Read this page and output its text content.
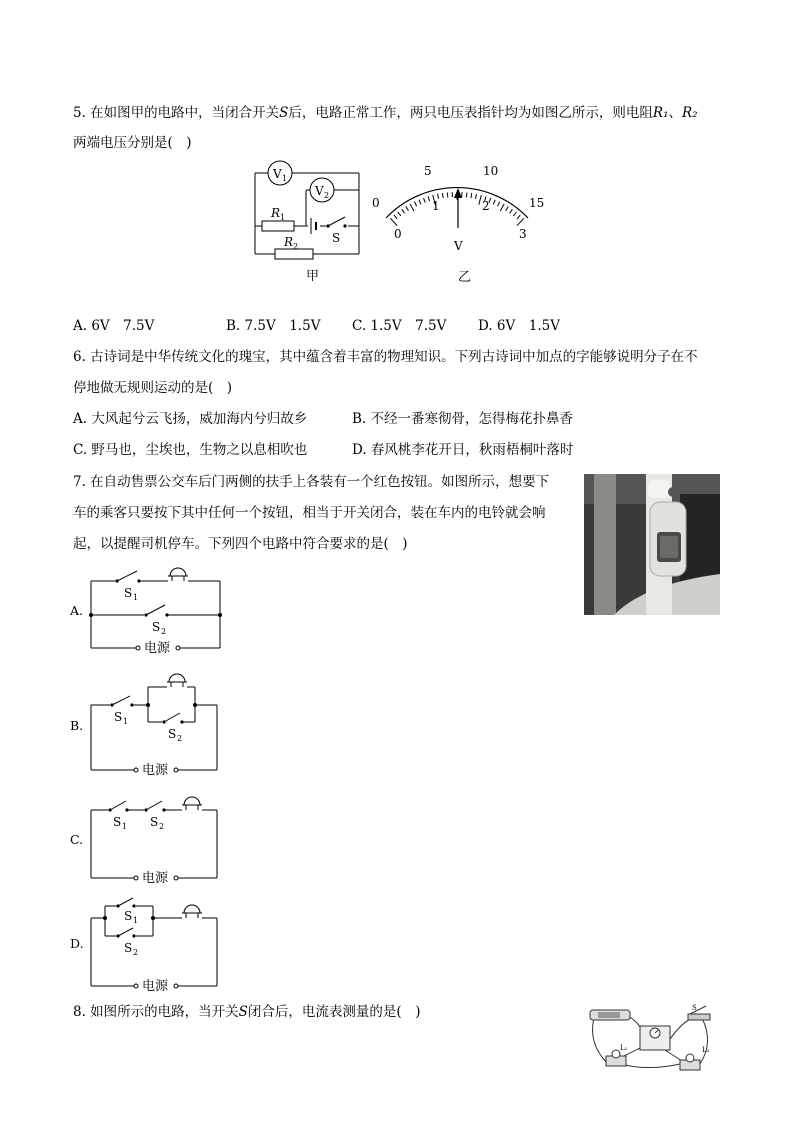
5. 在如图甲的电路中，当闭合开关S后，电路正常工作，两只电压表指针均为如图乙所示，则电阻R₁、R₂
两端电压分别是(　)
V 1
V 2
R 1
S
R 2
甲
0
5	10
15
0
1	2
3
V
乙
A. 6V　7.5V	B. 7.5V　1.5V C. 1.5V　7.5V D. 6V　1.5V
6. 古诗词是中华传统文化的瑰宝，其中蕴含着丰富的物理知识。下列古诗词中加点的字能够说明分子在不
停地做无规则运动的是(　)
A. 大风起兮云飞扬，威加海内兮归故乡	B. 不经一番寒彻骨，怎得梅花扑鼻香
C. 野马也，尘埃也，生物之以息相吹也	D. 春风桃李花开日，秋雨梧桐叶落时
7. 在自动售票公交车后门两侧的扶手上各装有一个红色按钮。如图所示，想要下
车的乘客只要按下其中任何一个按钮，相当于开关闭合，装在车内的电铃就会响
起，以提醒司机停车。下列四个电路中符合要求的是(　)
A.
S 1
S 2
电源
B.
S 1
S 2
电源
C.
S 1 S 2
电源
D.
S 1
S 2
电源
8. 如图所示的电路，当开关S闭合后，电流表测量的是(　)	S
L₁	L₂
